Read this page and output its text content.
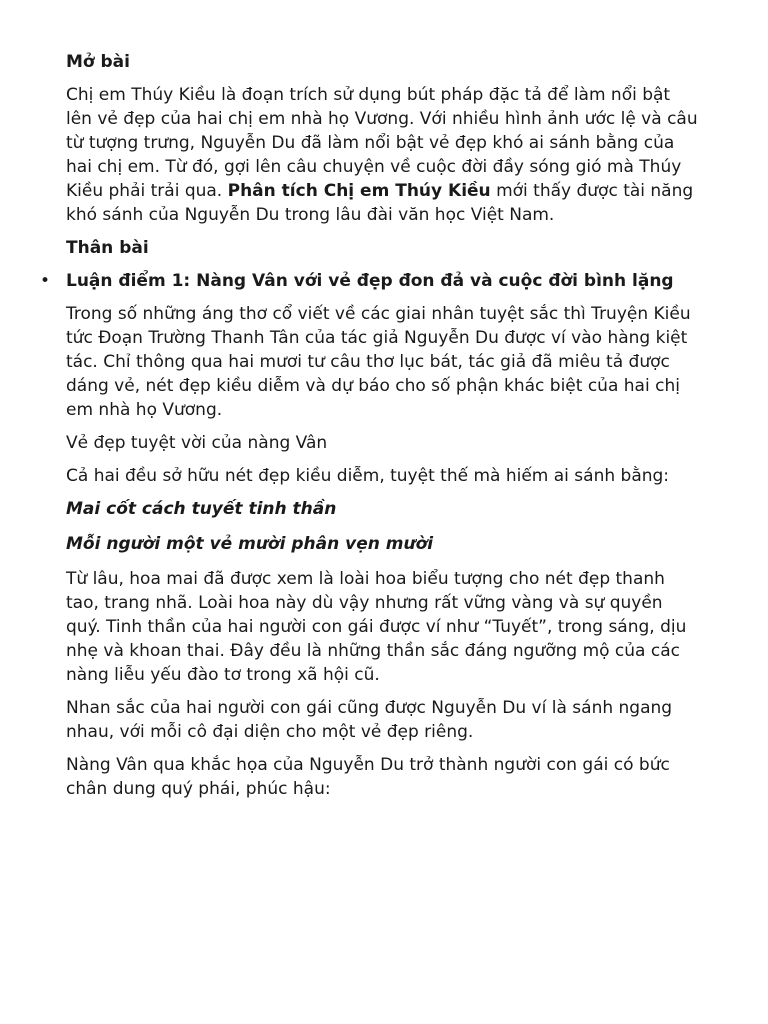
Mở bài

Chị em Thúy Kiều là đoạn trích sử dụng bút pháp đặc tả để làm nổi bật lên vẻ đẹp của hai chị em nhà họ Vương. Với nhiều hình ảnh ước lệ và câu từ tượng trưng, Nguyễn Du đã làm nổi bật vẻ đẹp khó ai sánh bằng của hai chị em. Từ đó, gợi lên câu chuyện về cuộc đời đầy sóng gió mà Thúy Kiều phải trải qua. Phân tích Chị em Thúy Kiều mới thấy được tài năng khó sánh của Nguyễn Du trong lâu đài văn học Việt Nam.

Thân bài
• Luận điểm 1: Nàng Vân với vẻ đẹp đon đả và cuộc đời bình lặng

Trong số những áng thơ cổ viết về các giai nhân tuyệt sắc thì Truyện Kiều tức Đoạn Trường Thanh Tân của tác giả Nguyễn Du được ví vào hàng kiệt tác. Chỉ thông qua hai mươi tư câu thơ lục bát, tác giả đã miêu tả được dáng vẻ, nét đẹp kiều diễm và dự báo cho số phận khác biệt của hai chị em nhà họ Vương.

Vẻ đẹp tuyệt vời của nàng Vân

Cả hai đều sở hữu nét đẹp kiều diễm, tuyệt thế mà hiếm ai sánh bằng:

Mai cốt cách tuyết tinh thần
Mỗi người một vẻ mười phân vẹn mười

Từ lâu, hoa mai đã được xem là loài hoa biểu tượng cho nét đẹp thanh tao, trang nhã. Loài hoa này dù vậy nhưng rất vững vàng và sự quyền quý. Tinh thần của hai người con gái được ví như “Tuyết”, trong sáng, dịu nhẹ và khoan thai. Đây đều là những thần sắc đáng ngưỡng mộ của các nàng liễu yếu đào tơ trong xã hội cũ.

Nhan sắc của hai người con gái cũng được Nguyễn Du ví là sánh ngang nhau, với mỗi cô đại diện cho một vẻ đẹp riêng.

Nàng Vân qua khắc họa của Nguyễn Du trở thành người con gái có bức chân dung quý phái, phúc hậu:
